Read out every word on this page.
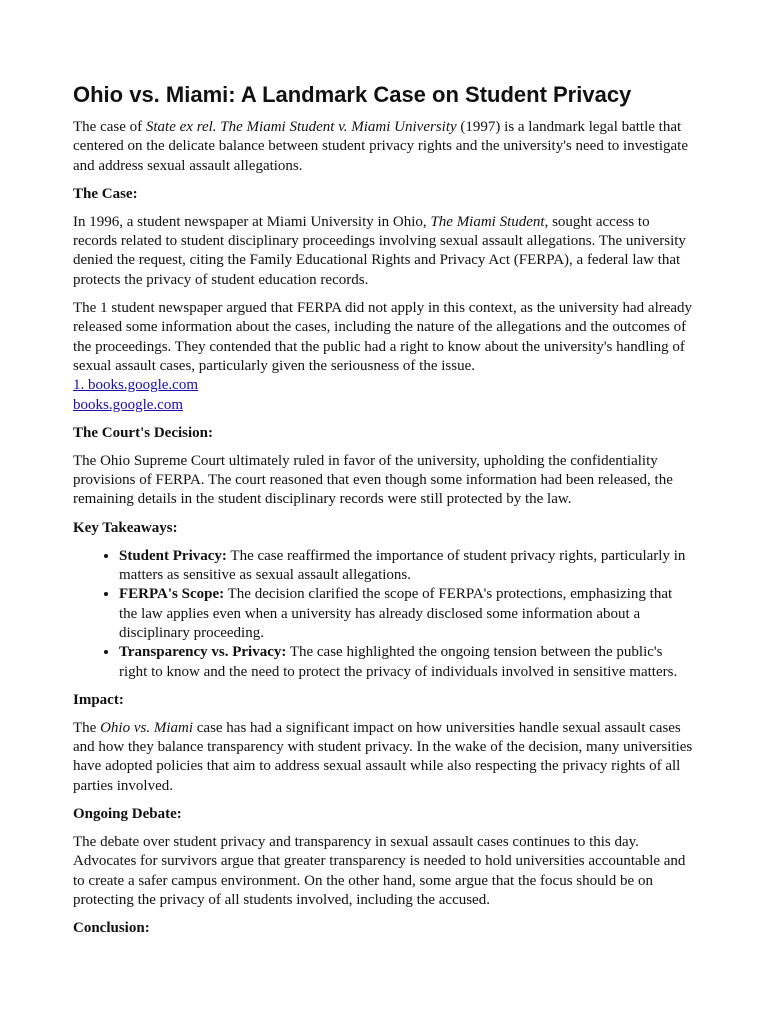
Ohio vs. Miami: A Landmark Case on Student Privacy

The case of State ex rel. The Miami Student v. Miami University (1997) is a landmark legal battle that centered on the delicate balance between student privacy rights and the university's need to investigate and address sexual assault allegations.

The Case:

In 1996, a student newspaper at Miami University in Ohio, The Miami Student, sought access to records related to student disciplinary proceedings involving sexual assault allegations. The university denied the request, citing the Family Educational Rights and Privacy Act (FERPA), a federal law that protects the privacy of student education records.

The 1 student newspaper argued that FERPA did not apply in this context, as the university had already released some information about the cases, including the nature of the allegations and the outcomes of the proceedings. They contended that the public had a right to know about the university's handling of sexual assault cases, particularly given the seriousness of the issue.

1. books.google.com
books.google.com
The Court's Decision:

The Ohio Supreme Court ultimately ruled in favor of the university, upholding the confidentiality provisions of FERPA. The court reasoned that even though some information had been released, the remaining details in the student disciplinary records were still protected by the law.

Key Takeaways:
• Student Privacy: The case reaffirmed the importance of student privacy rights, particularly in matters as sensitive as sexual assault allegations.
• FERPA's Scope: The decision clarified the scope of FERPA's protections, emphasizing that the law applies even when a university has already disclosed some information about a disciplinary proceeding.
• Transparency vs. Privacy: The case highlighted the ongoing tension between the public's right to know and the need to protect the privacy of individuals involved in sensitive matters.
Impact:

The Ohio vs. Miami case has had a significant impact on how universities handle sexual assault cases and how they balance transparency with student privacy. In the wake of the decision, many universities have adopted policies that aim to address sexual assault while also respecting the privacy rights of all parties involved.

Ongoing Debate:

The debate over student privacy and transparency in sexual assault cases continues to this day. Advocates for survivors argue that greater transparency is needed to hold universities accountable and to create a safer campus environment. On the other hand, some argue that the focus should be on protecting the privacy of all students involved, including the accused.

Conclusion:
